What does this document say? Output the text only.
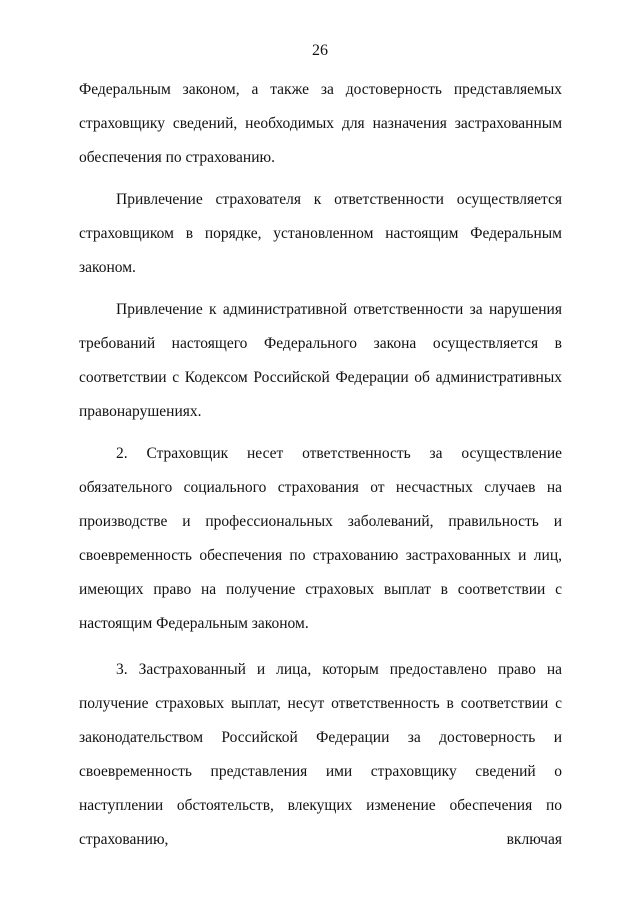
26

Федеральным законом, а также за достоверность представляемых страховщику сведений, необходимых для назначения застрахованным обеспечения по страхованию.

Привлечение страхователя к ответственности осуществляется страховщиком в порядке, установленном настоящим Федеральным законом.

Привлечение к административной ответственности за нарушения требований настоящего Федерального закона осуществляется в соответствии с Кодексом Российской Федерации об административных правонарушениях.

2. Страховщик несет ответственность за осуществление обязательного социального страхования от несчастных случаев на производстве и профессиональных заболеваний, правильность и своевременность обеспечения по страхованию застрахованных и лиц, имеющих право на получение страховых выплат в соответствии с настоящим Федеральным законом.

3. Застрахованный и лица, которым предоставлено право на получение страховых выплат, несут ответственность в соответствии с законодательством Российской Федерации за достоверность и своевременность представления ими страховщику сведений о наступлении обстоятельств, влекущих изменение обеспечения по страхованию, включая
